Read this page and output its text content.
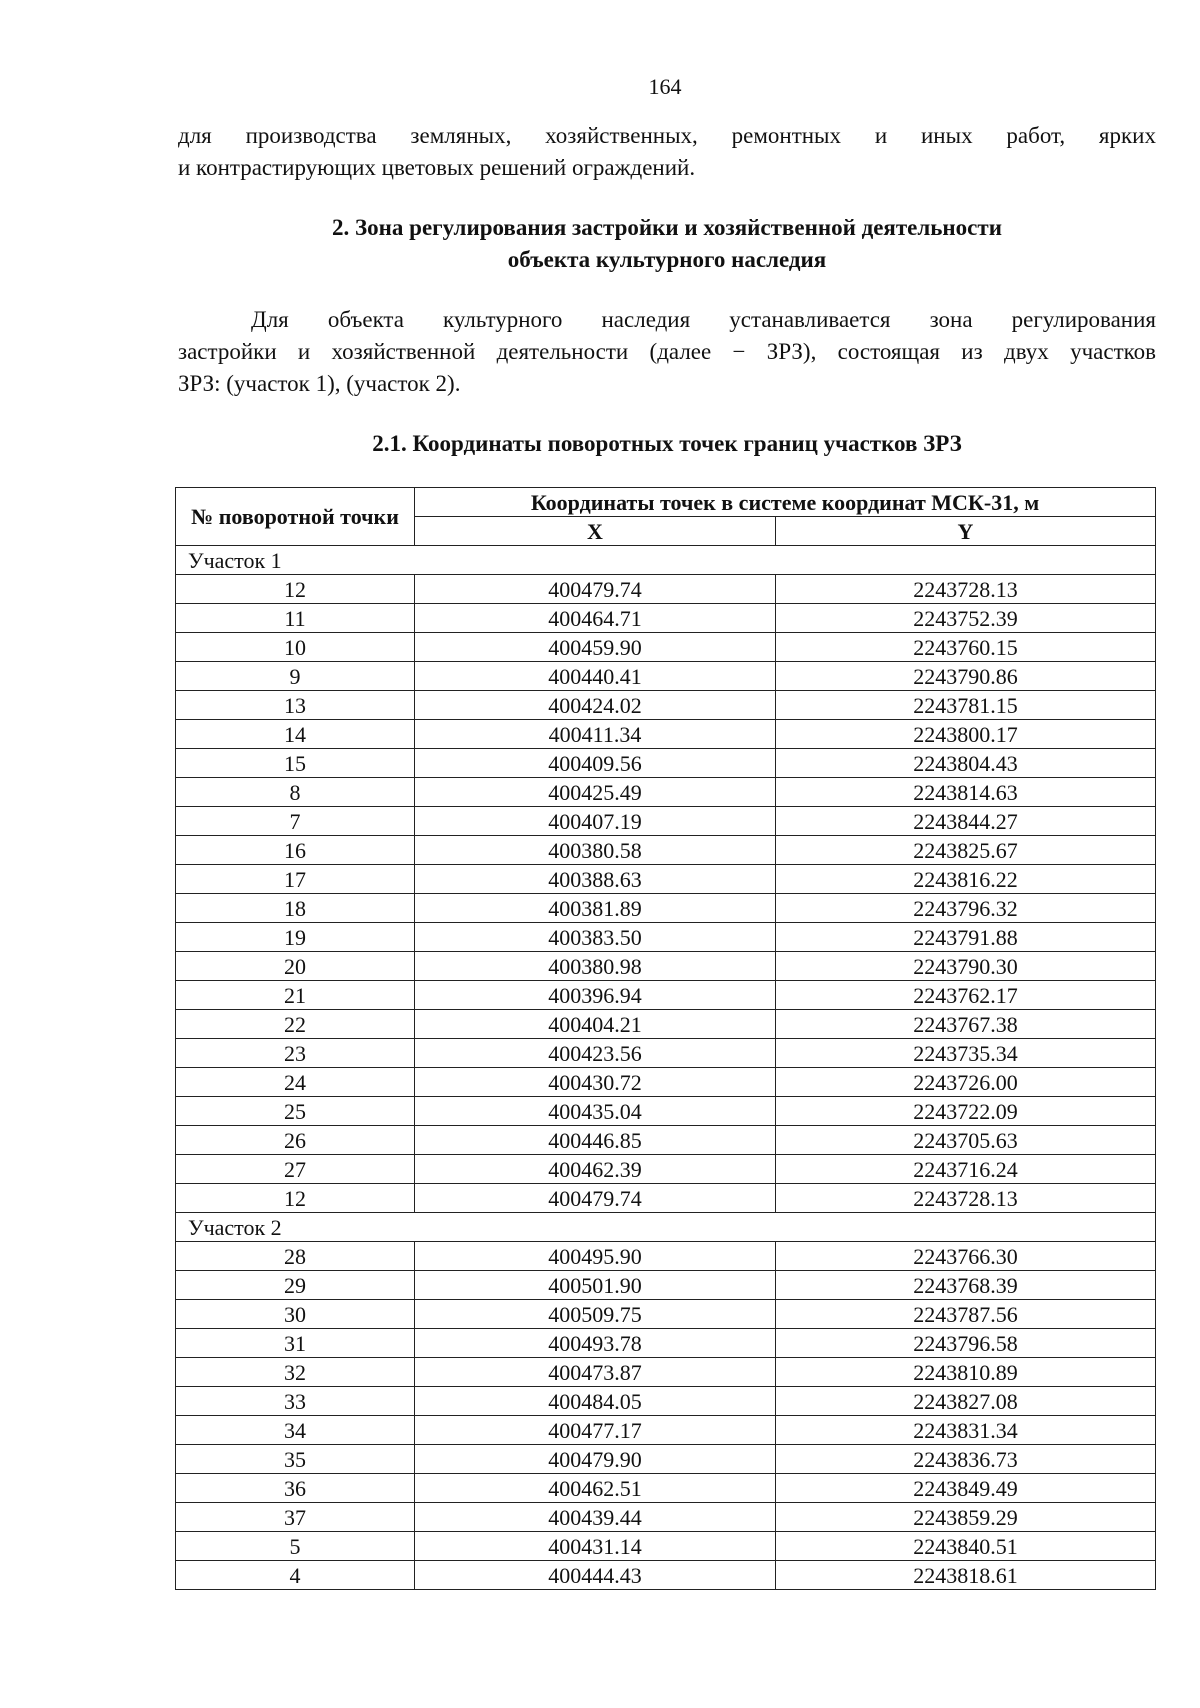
164
для производства земляных, хозяйственных, ремонтных и иных работ, ярких
и контрастирующих цветовых решений ограждений.
2. Зона регулирования застройки и хозяйственной деятельности
объекта культурного наследия
Для объекта культурного наследия устанавливается зона регулирования
застройки и хозяйственной деятельности (далее − ЗРЗ), состоящая из двух участков
ЗРЗ: (участок 1), (участок 2).
2.1. Координаты поворотных точек границ участков ЗРЗ
№ поворотной точки	Координаты точек в системе координат МСК-31, м	
	X	Y
Участок 1		
12	400479.74	2243728.13
11	400464.71	2243752.39
10	400459.90	2243760.15
9	400440.41	2243790.86
13	400424.02	2243781.15
14	400411.34	2243800.17
15	400409.56	2243804.43
8	400425.49	2243814.63
7	400407.19	2243844.27
16	400380.58	2243825.67
17	400388.63	2243816.22
18	400381.89	2243796.32
19	400383.50	2243791.88
20	400380.98	2243790.30
21	400396.94	2243762.17
22	400404.21	2243767.38
23	400423.56	2243735.34
24	400430.72	2243726.00
25	400435.04	2243722.09
26	400446.85	2243705.63
27	400462.39	2243716.24
12	400479.74	2243728.13
Участок 2		
28	400495.90	2243766.30
29	400501.90	2243768.39
30	400509.75	2243787.56
31	400493.78	2243796.58
32	400473.87	2243810.89
33	400484.05	2243827.08
34	400477.17	2243831.34
35	400479.90	2243836.73
36	400462.51	2243849.49
37	400439.44	2243859.29
5	400431.14	2243840.51
4	400444.43	2243818.61
